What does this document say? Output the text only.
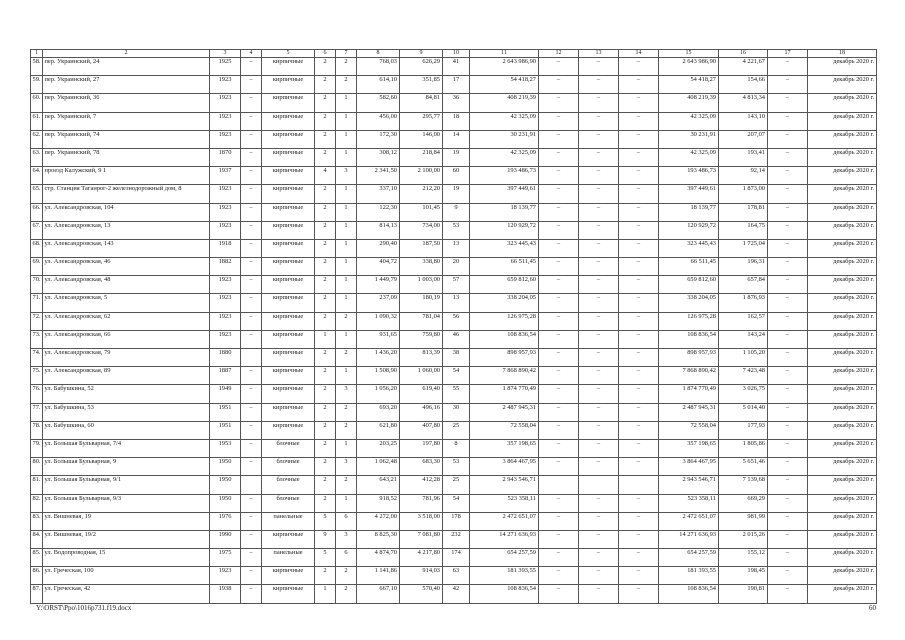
1	2	3	4	5	6	7	8	9	10	11	12	13	14	15	16	17	18
58.	пер. Украинский, 24	1925	–	кирпичные	2	2	768,03	626,29	41	2 643 986,90	–	–	–	2 643 986,90	4 221,67	–	декабрь 2020 г.
59.	пер. Украинский, 27	1923	–	кирпичные	2	2	614,10	351,85	17	54 418,27	–	–	–	54 418,27	154,66	–	декабрь 2020 г.
60.	пер. Украинский, 36	1923	–	кирпичные	2	1	582,60	84,81	36	408 219,39	–	–	–	408 219,39	4 813,34	–	декабрь 2020 г.
61.	пер. Украинский, 7	1923	–	кирпичные	2	1	456,00	295,77	18	42 325,09	–	–	–	42 325,09	143,10	–	декабрь 2020 г.
62.	пер. Украинский, 74	1923	–	кирпичные	2	1	172,30	146,00	14	30 231,91	–	–	–	30 231,91	207,07	–	декабрь 2020 г.
63.	пер. Украинский, 78	1870	–	кирпичные	2	1	308,12	218,84	19	42 325,09	–	–	–	42 325,09	193,41	–	декабрь 2020 г.
64.	проезд Калужский, 9 1	1937	–	кирпичные	4	3	2 341,50	2 100,00	60	193 486,73	–	–	–	193 486,73	92,14	–	декабрь 2020 г.
65.	стр. Станция Таганрог-2 железнодорожный дом, 8	1923	–	кирпичные	2	1	337,10	212,20	19	397 449,61	–	–	–	397 449,61	1 873,00	–	декабрь 2020 г.
66.	ул. Александровская, 104	1923	–	кирпичные	2	1	122,30	101,45	9	18 139,77	–	–	–	18 139,77	178,81	–	декабрь 2020 г.
67.	ул. Александровская, 13	1923	–	кирпичные	2	1	814,13	734,00	53	120 929,72	–	–	–	120 929,72	164,75	–	декабрь 2020 г.
68.	ул. Александровская, 143	1918	–	кирпичные	2	1	290,40	187,50	13	323 445,43	–	–	–	323 445,43	1 725,04	–	декабрь 2020 г.
69.	ул. Александровская, 46	1882	–	кирпичные	2	1	404,72	338,80	20	66 511,45	–	–	–	66 511,45	196,31	–	декабрь 2020 г.
70.	ул. Александровская, 48	1923	–	кирпичные	2	1	1 449,79	1 003,00	57	659 812,60	–	–	–	659 812,60	657,84	–	декабрь 2020 г.
71.	ул. Александровская, 5	1923	–	кирпичные	2	1	237,09	180,19	13	338 204,05	–	–	–	338 204,05	1 876,93	–	декабрь 2020 г.
72.	ул. Александровская, 62	1923	–	кирпичные	2	2	1 090,32	781,04	56	126 975,28	–	–	–	126 975,28	162,57	–	декабрь 2020 г.
73.	ул. Александровская, 66	1923	–	кирпичные	1	1	931,65	759,80	46	108 836,54	–	–	–	108 836,54	143,24	–	декабрь 2020 г.
74.	ул. Александровская, 79	1880		кирпичные	2	2	1 436,20	813,39	38	898 957,93	–	–	–	898 957,93	1 105,20	–	декабрь 2020 г.
75.	ул. Александровская, 89	1887	–	кирпичные	2	1	1 508,90	1 060,00	54	7 868 890,42	–	–	–	7 868 890,42	7 423,48	–	декабрь 2020 г.
76.	ул. Бабушкина, 52	1949	–	кирпичные	2	3	1 056,20	619,40	55	1 874 770,49	–	–	–	1 874 770,49	3 026,75	–	декабрь 2020 г.
77.	ул. Бабушкина, 53	1951	–	кирпичные	2	2	693,20	496,16	30	2 487 945,31	–	–	–	2 487 945,31	5 014,40	–	декабрь 2020 г.
78.	ул. Бабушкина, 60	1951	–	кирпичные	2	2	621,80	407,80	25	72 558,04	–	–	–	72 558,04	177,93	–	декабрь 2020 г.
79.	ул. Большая Бульварная, 7/4	1953	–	блочные	2	1	203,25	197,80	8	357 198,65	–	–	–	357 198,65	1 805,86	–	декабрь 2020 г.
80.	ул. Большая Бульварная, 9	1950	–	блочные	2	3	1 062,48	683,30	53	3 864 467,95	–	–	–	3 864 467,95	5 651,46	–	декабрь 2020 г.
81.	ул. Большая Бульварная, 9/1	1950		блочные	2	2	643,21	412,28	25	2 943 546,71				2 943 546,71	7 139,68	–	декабрь 2020 г.
82.	ул. Большая Бульварная, 9/3	1950	–	блочные	2	1	918,52	781,96	54	523 358,11	–	–	–	523 358,11	669,29	–	декабрь 2020 г.
83.	ул. Вишневая, 19	1976	–	панельные	5	6	4 272,00	3 518,00	178	2 472 651,07	–	–	–	2 472 651,07	981,99	–	декабрь 2020 г.
84.	ул. Вишневая, 19/2	1990	–	кирпичные	9	3	8 825,30	7 081,80	232	14 271 636,93	–	–	–	14 271 636,93	2 015,26	–	декабрь 2020 г.
85.	ул. Водопроводная, 15	1975	–	панельные	5	6	4 874,70	4 217,80	174	654 257,59	–	–	–	654 257,59	155,12	–	декабрь 2020 г.
86.	ул. Греческая, 100	1923	–	кирпичные	2	2	1 141,86	914,03	63	181 393,55	–	–	–	181 393,55	198,45	–	декабрь 2020 г.
87.	ул. Греческая, 42	1938	–	кирпичные	1	2	667,10	570,40	42	108 836,54	–	–	–	108 836,54	190,81	–	декабрь 2020 г.
Y:\ORST\Ppo\1016p731.f19.docx	60
